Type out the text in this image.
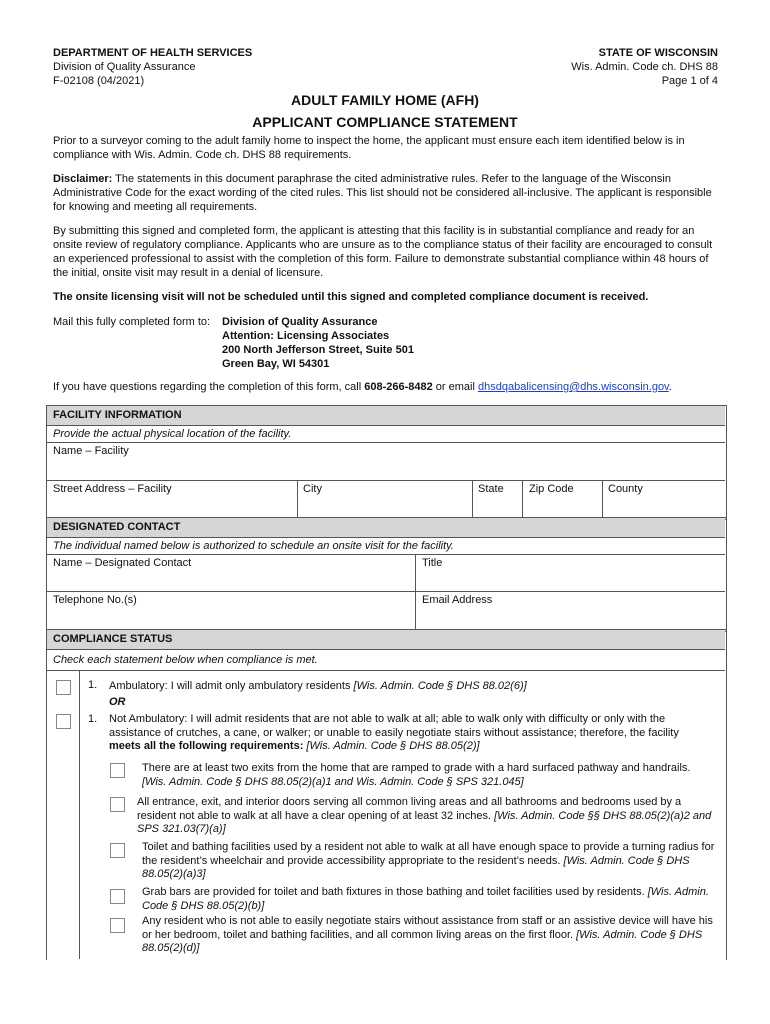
DEPARTMENT OF HEALTH SERVICES
Division of Quality Assurance
F-02108 (04/2021)
STATE OF WISCONSIN
Wis. Admin. Code ch. DHS 88
Page 1 of 4
ADULT FAMILY HOME (AFH)
APPLICANT COMPLIANCE STATEMENT
Prior to a surveyor coming to the adult family home to inspect the home, the applicant must ensure each item identified below is in compliance with Wis. Admin. Code ch. DHS 88 requirements.
Disclaimer: The statements in this document paraphrase the cited administrative rules. Refer to the language of the Wisconsin Administrative Code for the exact wording of the cited rules. This list should not be considered all-inclusive. The applicant is responsible for knowing and meeting all requirements.
By submitting this signed and completed form, the applicant is attesting that this facility is in substantial compliance and ready for an onsite review of regulatory compliance. Applicants who are unsure as to the compliance status of their facility are encouraged to consult an experienced professional to assist with the completion of this form. Failure to demonstrate substantial compliance within 48 hours of the initial, onsite visit may result in a denial of licensure.
The onsite licensing visit will not be scheduled until this signed and completed compliance document is received.
Mail this fully completed form to: Division of Quality Assurance
Attention: Licensing Associates
200 North Jefferson Street, Suite 501
Green Bay, WI 54301
If you have questions regarding the completion of this form, call 608-266-8482 or email dhsdqabalicensing@dhs.wisconsin.gov.
FACILITY INFORMATION
Provide the actual physical location of the facility.
Name – Facility
Street Address – Facility	City	State	Zip Code	County
DESIGNATED CONTACT
The individual named below is authorized to schedule an onsite visit for the facility.
Name – Designated Contact	Title
Telephone No.(s)	Email Address
COMPLIANCE STATUS
Check each statement below when compliance is met.
1. Ambulatory: I will admit only ambulatory residents [Wis. Admin. Code § DHS 88.02(6)]
OR
1. Not Ambulatory: I will admit residents that are not able to walk at all; able to walk only with difficulty or only with the assistance of crutches, a cane, or walker; or unable to easily negotiate stairs without assistance; therefore, the facility meets all the following requirements: [Wis. Admin. Code § DHS 88.05(2)]
There are at least two exits from the home that are ramped to grade with a hard surfaced pathway and handrails. [Wis. Admin. Code § DHS 88.05(2)(a)1 and Wis. Admin. Code § SPS 321.045]
All entrance, exit, and interior doors serving all common living areas and all bathrooms and bedrooms used by a resident not able to walk at all have a clear opening of at least 32 inches. [Wis. Admin. Code §§ DHS 88.05(2)(a)2 and SPS 321.03(7)(a)]
Toilet and bathing facilities used by a resident not able to walk at all have enough space to provide a turning radius for the resident’s wheelchair and provide accessibility appropriate to the resident’s needs. [Wis. Admin. Code § DHS 88.05(2)(a)3]
Grab bars are provided for toilet and bath fixtures in those bathing and toilet facilities used by residents. [Wis. Admin. Code § DHS 88.05(2)(b)]
Any resident who is not able to easily negotiate stairs without assistance from staff or an assistive device will have his or her bedroom, toilet and bathing facilities, and all common living areas on the first floor. [Wis. Admin. Code § DHS 88.05(2)(d)]
